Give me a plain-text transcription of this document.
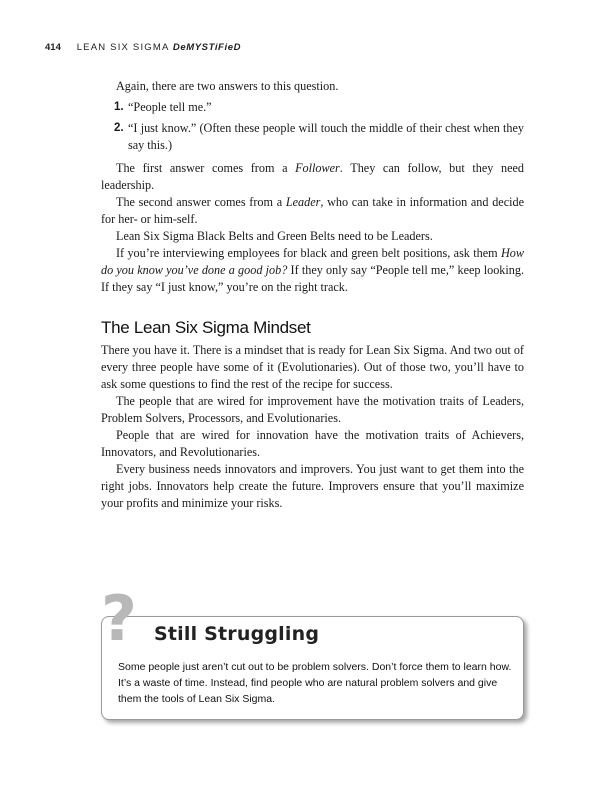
414 LEAN SIX SIGMA DeMYSTiFieD

Again, there are two answers to this question.

1. “People tell me.”
2. “I just know.” (Often these people will touch the middle of their chest when they say this.)

The first answer comes from a Follower. They can follow, but they need leadership.

The second answer comes from a Leader, who can take in information and decide for her- or him-self.

Lean Six Sigma Black Belts and Green Belts need to be Leaders.

If you’re interviewing employees for black and green belt positions, ask them How do you know you’ve done a good job? If they only say “People tell me,” keep looking. If they say “I just know,” you’re on the right track.

The Lean Six Sigma Mindset

There you have it. There is a mindset that is ready for Lean Six Sigma. And two out of every three people have some of it (Evolutionaries). Out of those two, you’ll have to ask some questions to find the rest of the recipe for success.

The people that are wired for improvement have the motivation traits of Leaders, Problem Solvers, Processors, and Evolutionaries.

People that are wired for innovation have the motivation traits of Achievers, Innovators, and Revolutionaries.

Every business needs innovators and improvers. You just want to get them into the right jobs. Innovators help create the future. Improvers ensure that you’ll maximize your profits and minimize your risks.

Still Struggling
Some people just aren’t cut out to be problem solvers. Don’t force them to learn how. It’s a waste of time. Instead, find people who are natural problem solvers and give them the tools of Lean Six Sigma.
?
